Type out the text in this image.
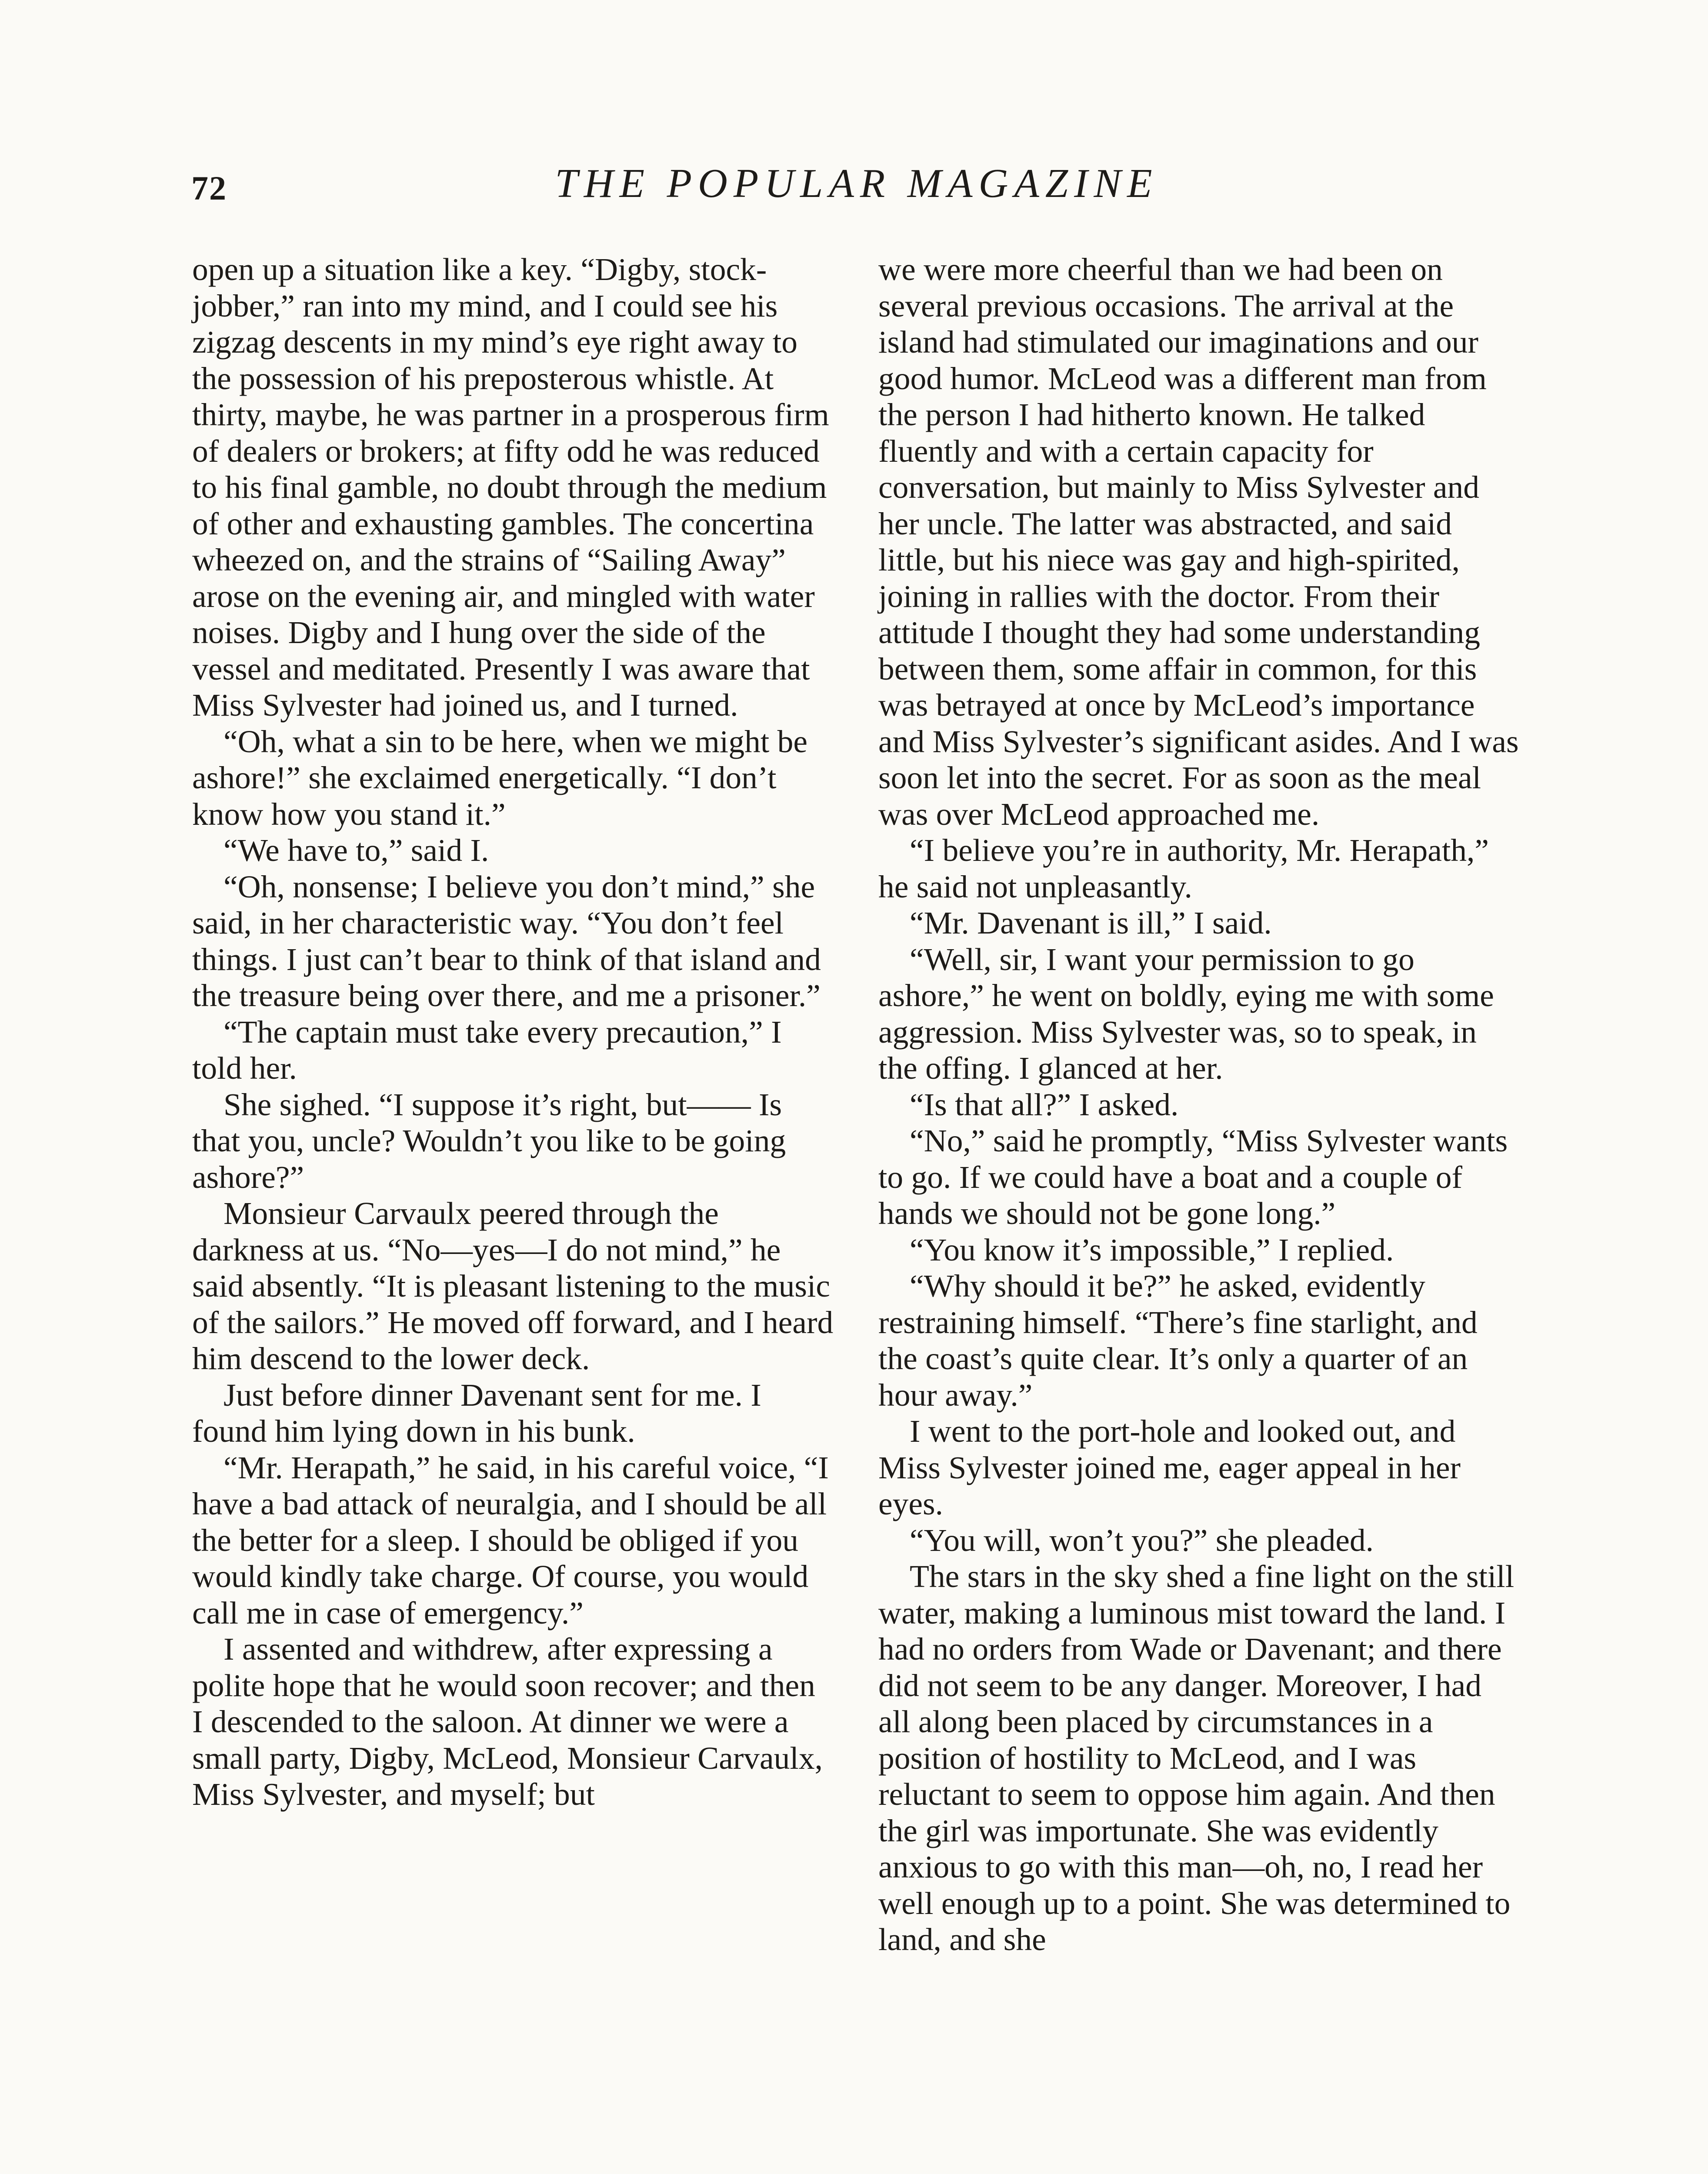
72	THE POPULAR MAGAZINE

open up a situation like a key. “Digby, stock-jobber,” ran into my mind, and I could see his zigzag descents in my mind’s eye right away to the possession of his preposterous whistle. At thirty, maybe, he was partner in a prosperous firm of dealers or brokers; at fifty odd he was reduced to his final gamble, no doubt through the medium of other and exhausting gambles. The concertina wheezed on, and the strains of “Sailing Away” arose on the evening air, and mingled with water noises. Digby and I hung over the side of the vessel and meditated. Presently I was aware that Miss Sylvester had joined us, and I turned.

“Oh, what a sin to be here, when we might be ashore!” she exclaimed energetically. “I don’t know how you stand it.”

“We have to,” said I.

“Oh, nonsense; I believe you don’t mind,” she said, in her characteristic way. “You don’t feel things. I just can’t bear to think of that island and the treasure being over there, and me a prisoner.”

“The captain must take every precaution,” I told her.

She sighed. “I suppose it’s right, but—— Is that you, uncle? Wouldn’t you like to be going ashore?”

Monsieur Carvaulx peered through the darkness at us. “No—yes—I do not mind,” he said absently. “It is pleasant listening to the music of the sailors.” He moved off forward, and I heard him descend to the lower deck.

Just before dinner Davenant sent for me. I found him lying down in his bunk.

“Mr. Herapath,” he said, in his careful voice, “I have a bad attack of neuralgia, and I should be all the better for a sleep. I should be obliged if you would kindly take charge. Of course, you would call me in case of emergency.”

I assented and withdrew, after expressing a polite hope that he would soon recover; and then I descended to the saloon. At dinner we were a small party, Digby, McLeod, Monsieur Carvaulx, Miss Sylvester, and myself; but

we were more cheerful than we had been on several previous occasions. The arrival at the island had stimulated our imaginations and our good humor. McLeod was a different man from the person I had hitherto known. He talked fluently and with a certain capacity for conversation, but mainly to Miss Sylvester and her uncle. The latter was abstracted, and said little, but his niece was gay and high-spirited, joining in rallies with the doctor. From their attitude I thought they had some understanding between them, some affair in common, for this was betrayed at once by McLeod’s importance and Miss Sylvester’s significant asides. And I was soon let into the secret. For as soon as the meal was over McLeod approached me.

“I believe you’re in authority, Mr. Herapath,” he said not unpleasantly.

“Mr. Davenant is ill,” I said.

“Well, sir, I want your permission to go ashore,” he went on boldly, eying me with some aggression. Miss Sylvester was, so to speak, in the offing. I glanced at her.

“Is that all?” I asked.

“No,” said he promptly, “Miss Sylvester wants to go. If we could have a boat and a couple of hands we should not be gone long.”

“You know it’s impossible,” I replied.

“Why should it be?” he asked, evidently restraining himself. “There’s fine starlight, and the coast’s quite clear. It’s only a quarter of an hour away.”

I went to the port-hole and looked out, and Miss Sylvester joined me, eager appeal in her eyes.

“You will, won’t you?” she pleaded.

The stars in the sky shed a fine light on the still water, making a luminous mist toward the land. I had no orders from Wade or Davenant; and there did not seem to be any danger. Moreover, I had all along been placed by circumstances in a position of hostility to McLeod, and I was reluctant to seem to oppose him again. And then the girl was importunate. She was evidently anxious to go with this man—oh, no, I read her well enough up to a point. She was determined to land, and she
